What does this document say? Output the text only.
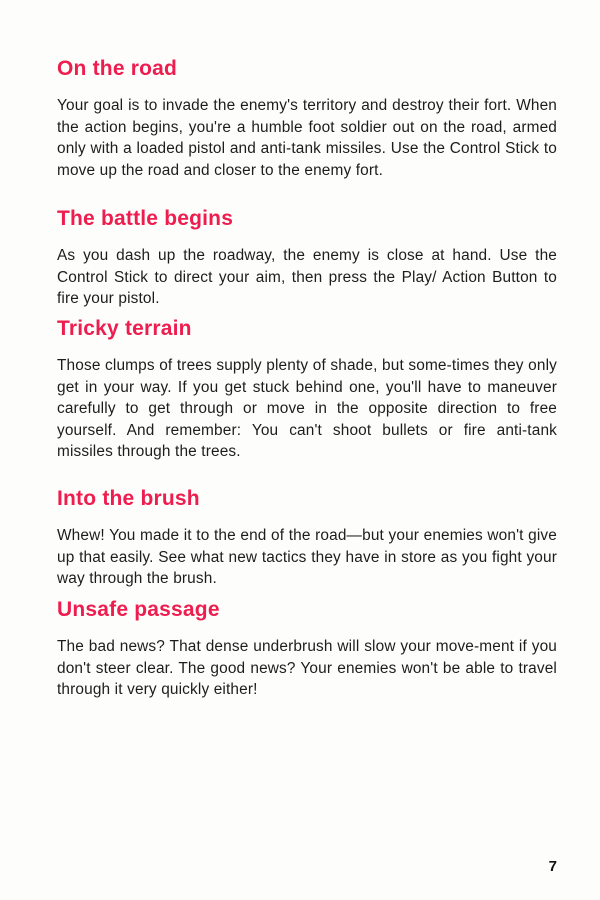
On the road

Your goal is to invade the enemy's territory and destroy their fort. When the action begins, you're a humble foot soldier out on the road, armed only with a loaded pistol and anti-tank missiles. Use the Control Stick to move up the road and closer to the enemy fort.

The battle begins

As you dash up the roadway, the enemy is close at hand. Use the Control Stick to direct your aim, then press the Play/ Action Button to fire your pistol.

Tricky terrain

Those clumps of trees supply plenty of shade, but some-times they only get in your way. If you get stuck behind one, you'll have to maneuver carefully to get through or move in the opposite direction to free yourself. And remember: You can't shoot bullets or fire anti-tank missiles through the trees.

Into the brush

Whew! You made it to the end of the road—but your enemies won't give up that easily. See what new tactics they have in store as you fight your way through the brush.

Unsafe passage

The bad news? That dense underbrush will slow your move-ment if you don't steer clear. The good news? Your enemies won't be able to travel through it very quickly either!

7
